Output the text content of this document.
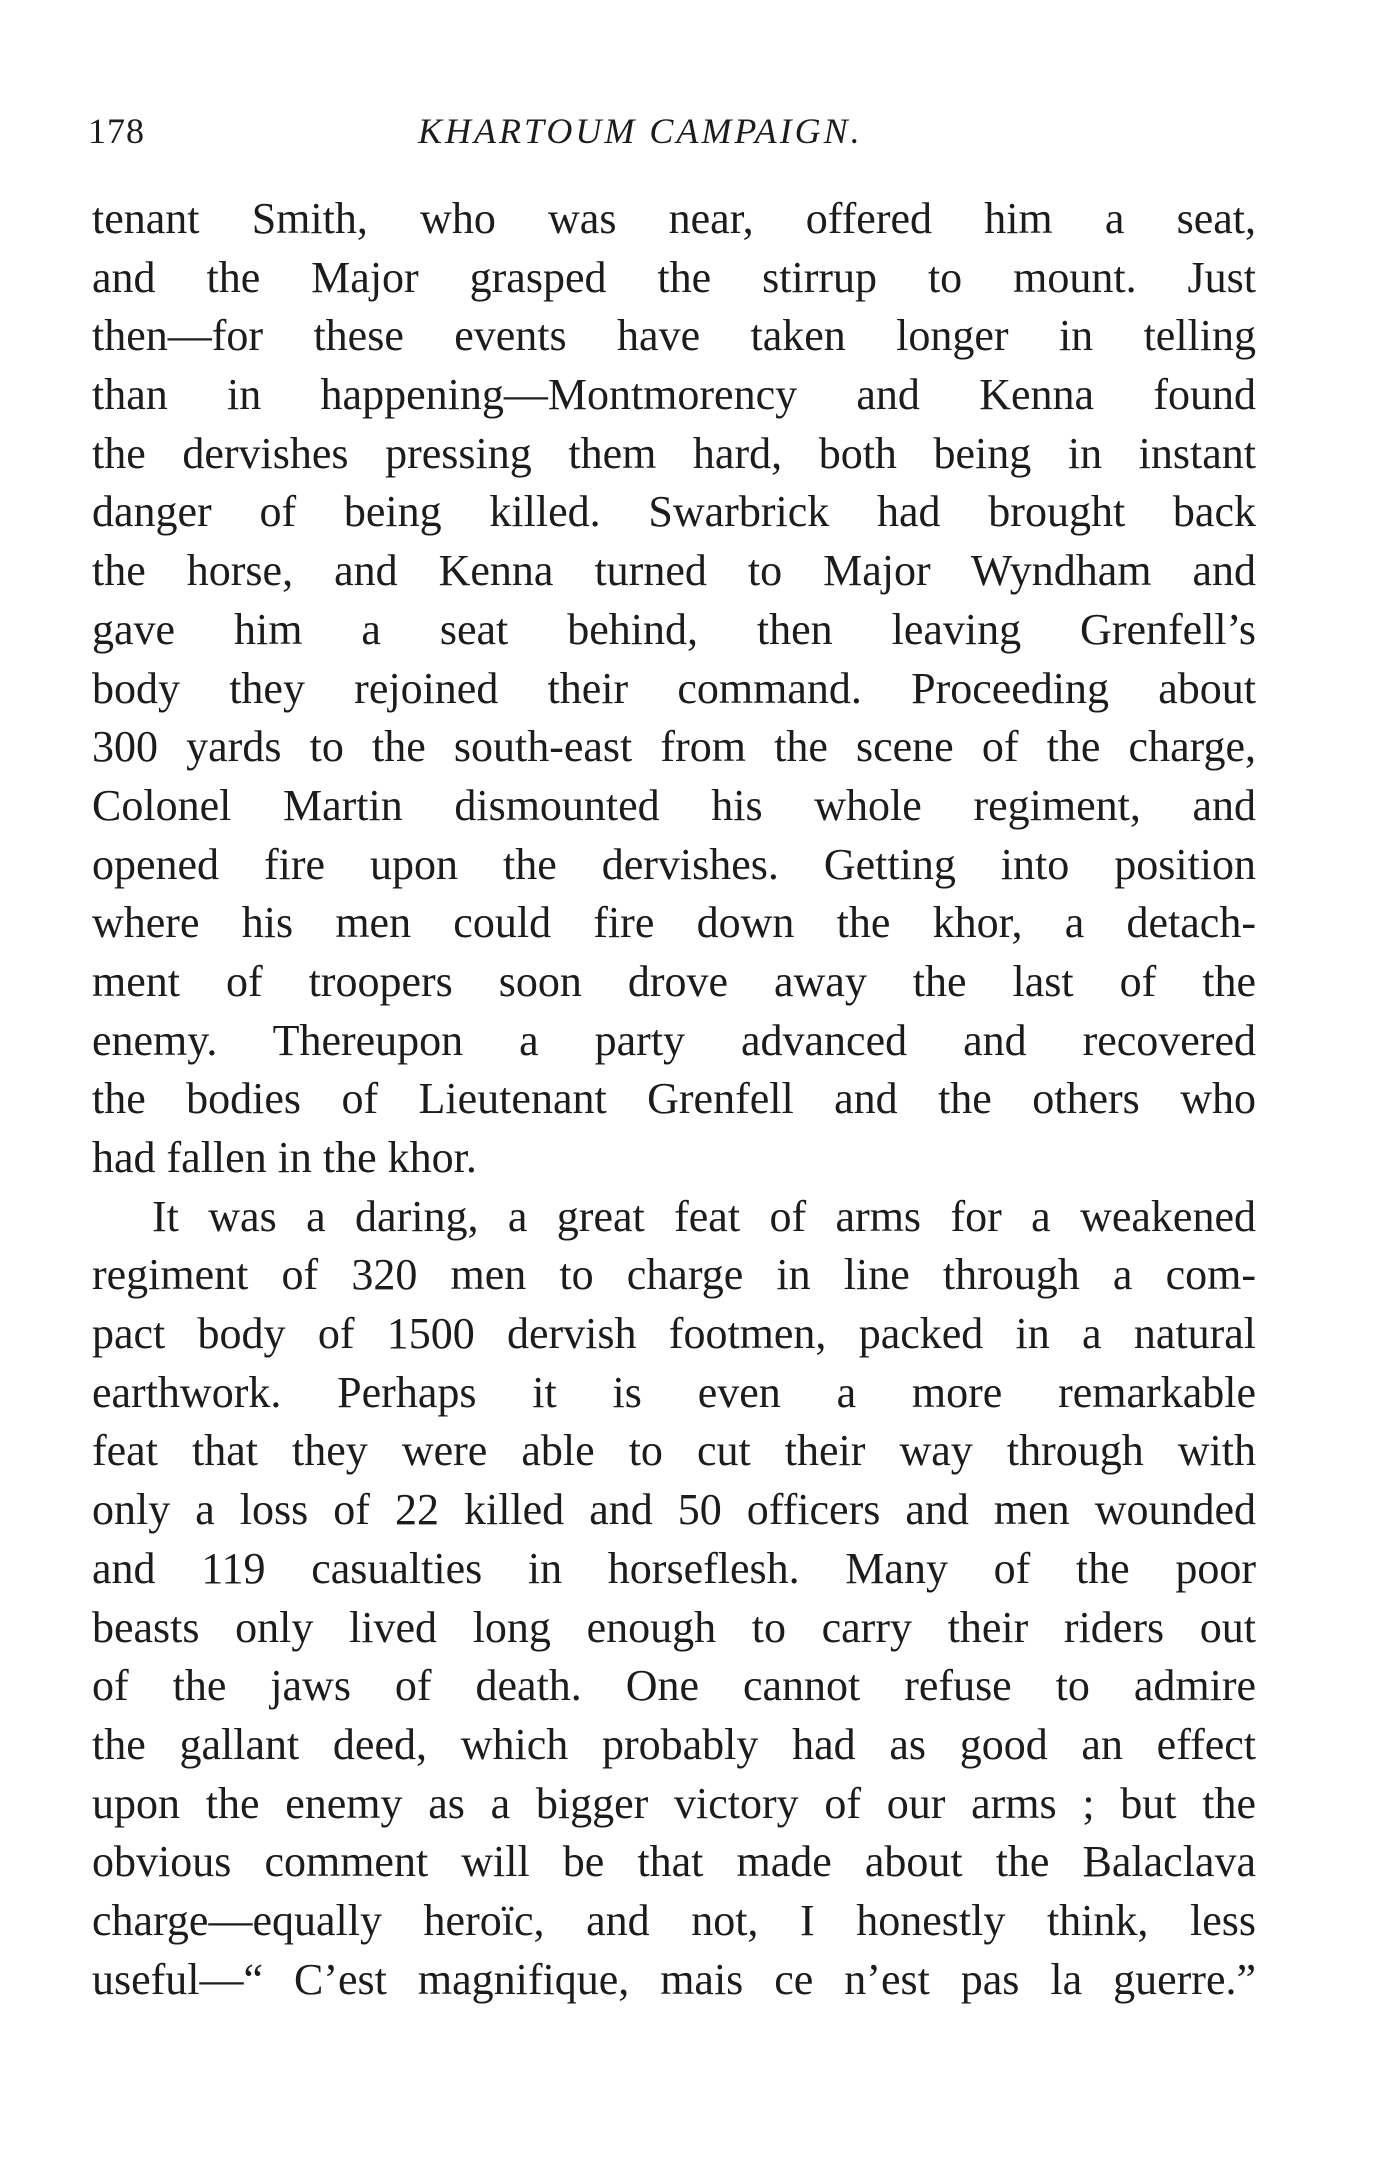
178	KHARTOUM CAMPAIGN.
tenant Smith, who was near, offered him a seat,
and the Major grasped the stirrup to mount. Just
then—for these events have taken longer in telling
than in happening—Montmorency and Kenna found
the dervishes pressing them hard, both being in instant
danger of being killed. Swarbrick had brought back
the horse, and Kenna turned to Major Wyndham and
gave him a seat behind, then leaving Grenfell’s
body they rejoined their command. Proceeding about
300 yards to the south-east from the scene of the charge,
Colonel Martin dismounted his whole regiment, and
opened fire upon the dervishes. Getting into position
where his men could fire down the khor, a detach-
ment of troopers soon drove away the last of the
enemy. Thereupon a party advanced and recovered
the bodies of Lieutenant Grenfell and the others who
had fallen in the khor.
It was a daring, a great feat of arms for a weakened
regiment of 320 men to charge in line through a com-
pact body of 1500 dervish footmen, packed in a natural
earthwork. Perhaps it is even a more remarkable
feat that they were able to cut their way through with
only a loss of 22 killed and 50 officers and men wounded
and 119 casualties in horseflesh. Many of the poor
beasts only lived long enough to carry their riders out
of the jaws of death. One cannot refuse to admire
the gallant deed, which probably had as good an effect
upon the enemy as a bigger victory of our arms ; but the
obvious comment will be that made about the Balaclava
charge—equally heroïc, and not, I honestly think, less
useful—“ C’est magnifique, mais ce n’est pas la guerre.”
